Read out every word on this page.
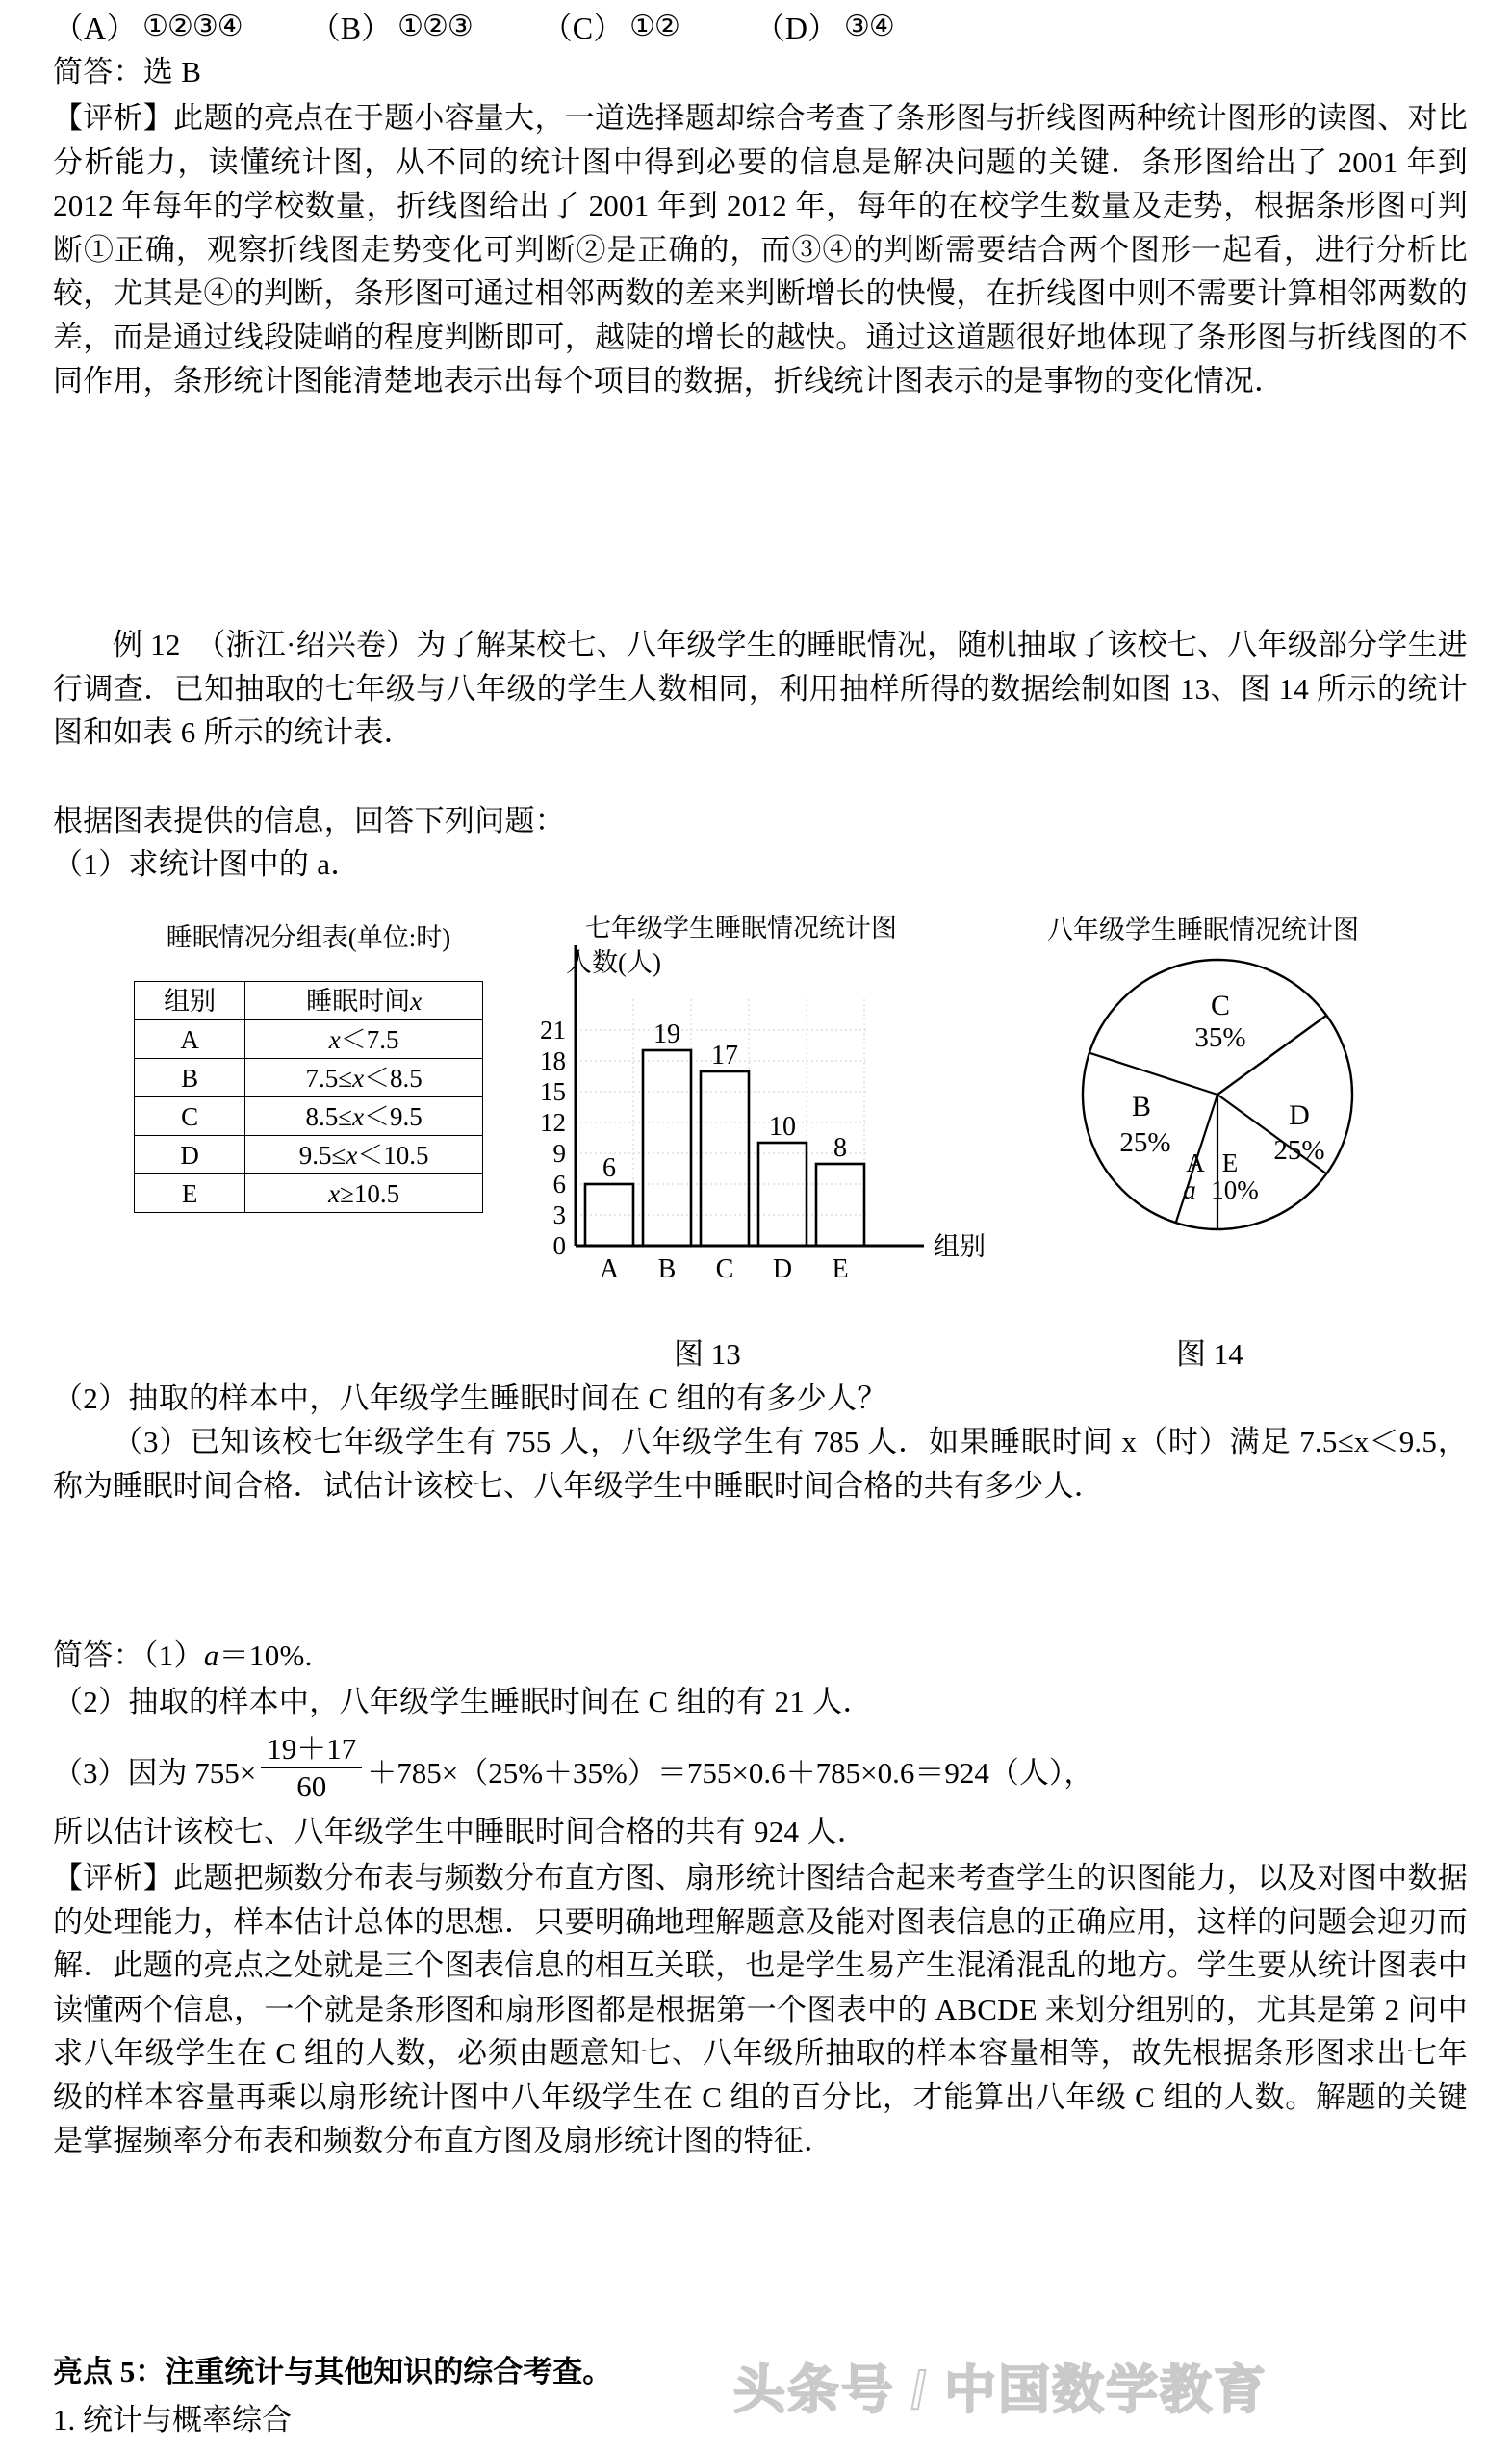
（A） ①②③④ （B） ①②③ （C） ①② （D） ③④
简答：选 B
【评析】此题的亮点在于题小容量大，一道选择题却综合考查了条形图与折线图两种统计图形的读图、对比分析能力，读懂统计图，从不同的统计图中得到必要的信息是解决问题的关键．条形图给出了 2001 年到 2012 年每年的学校数量，折线图给出了 2001 年到 2012 年，每年的在校学生数量及走势，根据条形图可判断①正确，观察折线图走势变化可判断②是正确的，而③④的判断需要结合两个图形一起看，进行分析比较，尤其是④的判断，条形图可通过相邻两数的差来判断增长的快慢，在折线图中则不需要计算相邻两数的差，而是通过线段陡峭的程度判断即可，越陡的增长的越快。通过这道题很好地体现了条形图与折线图的不同作用，条形统计图能清楚地表示出每个项目的数据，折线统计图表示的是事物的变化情况．
例 12　（浙江·绍兴卷）为了解某校七、八年级学生的睡眠情况，随机抽取了该校七、八年级部分学生进行调查．已知抽取的七年级与八年级的学生人数相同，利用抽样所得的数据绘制如图 13、图 14 所示的统计图和如表 6 所示的统计表．
根据图表提供的信息，回答下列问题：
（1）求统计图中的 a．
睡眠情况分组表(单位:时)
组别	睡眠时间x
A	x＜7.5
B	7.5≤x＜8.5
C	8.5≤x＜9.5
D	9.5≤x＜10.5
E	x≥10.5
七年级学生睡眠情况统计图
人数(人)
0
3
6
9
12
15
18
21
A B C D E
6
19
17
10
8
组别
八年级学生睡眠情况统计图
C
35%
B
25%
D
25%
A
a
E
10%
图 13	图 14
（2）抽取的样本中，八年级学生睡眠时间在 C 组的有多少人？
（3）已知该校七年级学生有 755 人，八年级学生有 785 人．如果睡眠时间 x（时）满足 7.5≤x＜9.5，称为睡眠时间合格．试估计该校七、八年级学生中睡眠时间合格的共有多少人．
简答：（1）a＝10%.
（2）抽取的样本中，八年级学生睡眠时间在 C 组的有 21 人．
（3）因为 $755\times \frac{19+17}{60} +785\times(25\%+35\%)=755\times 0.6+785\times 0.6=924$（人），
所以估计该校七、八年级学生中睡眠时间合格的共有 924 人．
【评析】此题把频数分布表与频数分布直方图、扇形统计图结合起来考查学生的识图能力，以及对图中数据的处理能力，样本估计总体的思想．只要明确地理解题意及能对图表信息的正确应用，这样的问题会迎刃而解．此题的亮点之处就是三个图表信息的相互关联，也是学生易产生混淆混乱的地方。学生要从统计图表中读懂两个信息，一个就是条形图和扇形图都是根据第一个图表中的 ABCDE 来划分组别的，尤其是第 2 问中求八年级学生在 C 组的人数，必须由题意知七、八年级所抽取的样本容量相等，故先根据条形图求出七年级的样本容量再乘以扇形统计图中八年级学生在 C 组的百分比，才能算出八年级 C 组的人数。解题的关键是掌握频率分布表和频数分布直方图及扇形统计图的特征．
亮点 5：注重统计与其他知识的综合考查。
1. 统计与概率综合
头条号 / 中国数学教育
